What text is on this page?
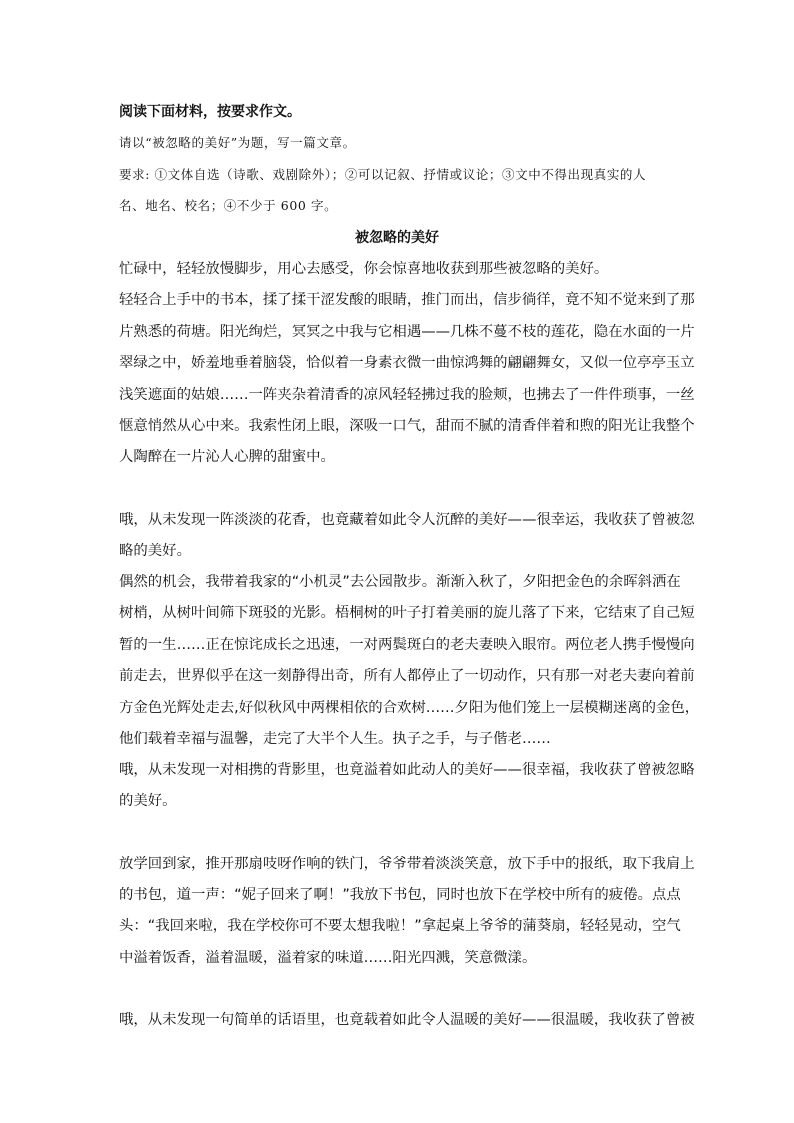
阅读下面材料，按要求作文。
请以“被忽略的美好”为题，写一篇文章。
要求: ①文体自选（诗歌、戏剧除外）；②可以记叙、抒情或议论；③文中不得出现真实的人
名、地名、校名；④不少于 600 字。
被忽略的美好
忙碌中，轻轻放慢脚步，用心去感受，你会惊喜地收获到那些被忽略的美好。
轻轻合上手中的书本，揉了揉干涩发酸的眼睛，推门而出，信步徜徉，竟不知不觉来到了那
片熟悉的荷塘。阳光绚烂，冥冥之中我与它相遇——几株不蔓不枝的莲花，隐在水面的一片
翠绿之中，娇羞地垂着脑袋，恰似着一身素衣微一曲惊鸿舞的翩翩舞女，又似一位亭亭玉立
浅笑遮面的姑娘……一阵夹杂着清香的凉风轻轻拂过我的脸颊，也拂去了一件件琐事，一丝
惬意悄然从心中来。我索性闭上眼，深吸一口气，甜而不腻的清香伴着和煦的阳光让我整个
人陶醉在一片沁人心脾的甜蜜中。
哦，从未发现一阵淡淡的花香，也竟藏着如此令人沉醉的美好——很幸运，我收获了曾被忽
略的美好。
偶然的机会，我带着我家的“小机灵”去公园散步。渐渐入秋了，夕阳把金色的余晖斜洒在
树梢，从树叶间筛下斑驳的光影。梧桐树的叶子打着美丽的旋儿落了下来，它结束了自己短
暂的一生……正在惊诧成长之迅速，一对两鬓斑白的老夫妻映入眼帘。两位老人携手慢慢向
前走去，世界似乎在这一刻静得出奇，所有人都停止了一切动作，只有那一对老夫妻向着前
方金色光辉处走去,好似秋风中两棵相依的合欢树……夕阳为他们笼上一层模糊迷离的金色，
他们载着幸福与温馨，走完了大半个人生。执子之手，与子偕老……
哦，从未发现一对相携的背影里，也竟溢着如此动人的美好——很幸福，我收获了曾被忽略
的美好。
放学回到家，推开那扇吱呀作响的铁门，爷爷带着淡淡笑意，放下手中的报纸，取下我肩上
的书包，道一声：“妮子回来了啊！”我放下书包，同时也放下在学校中所有的疲倦。点点
头：“我回来啦，我在学校你可不要太想我啦！”拿起桌上爷爷的蒲葵扇，轻轻晃动，空气
中溢着饭香，溢着温暖，溢着家的味道……阳光四溅，笑意微漾。
哦，从未发现一句简单的话语里，也竟载着如此令人温暖的美好——很温暖，我收获了曾被
